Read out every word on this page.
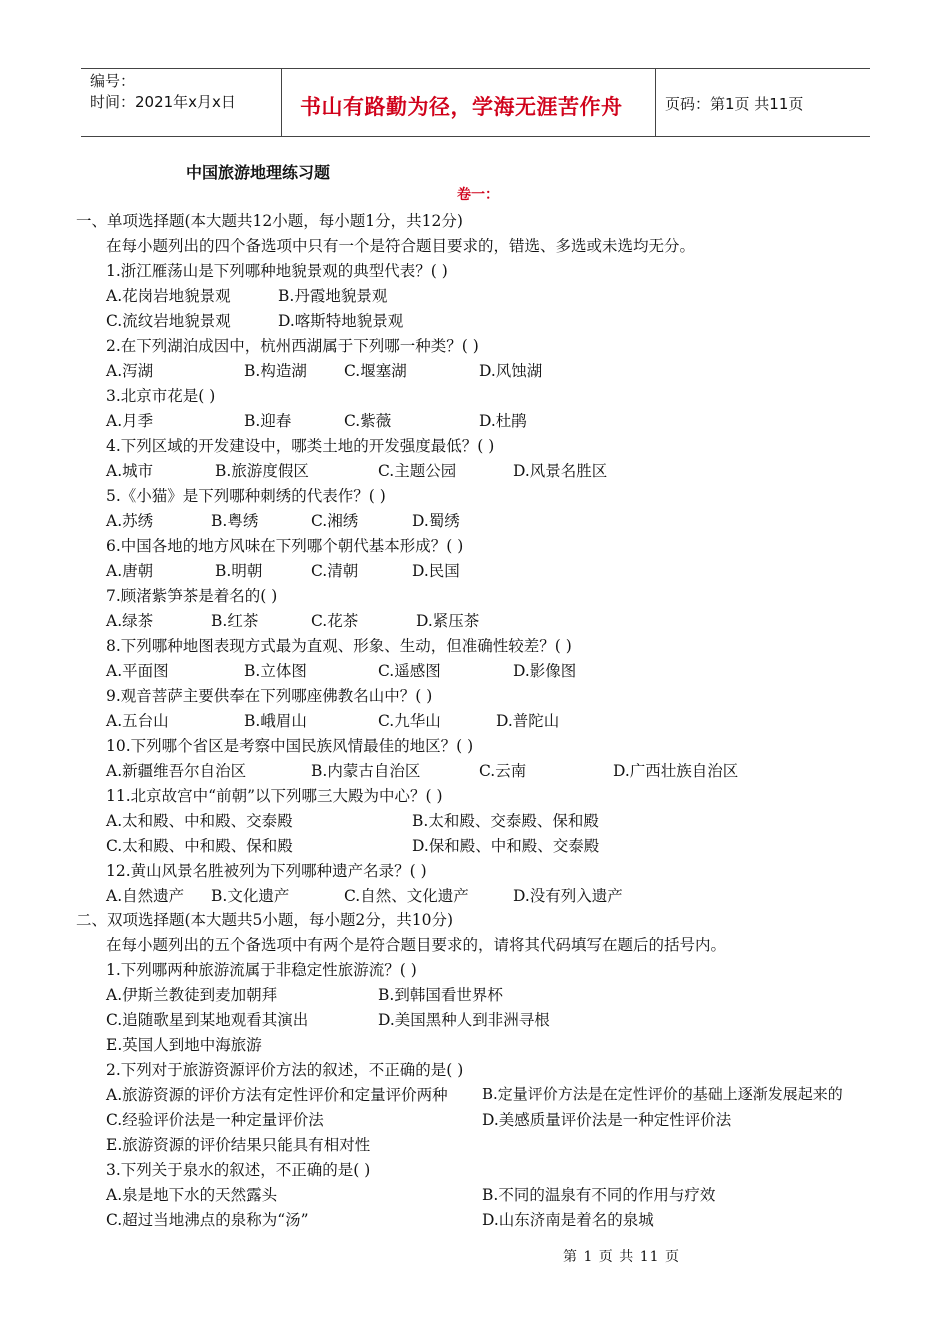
编号：
时间：2021年x月x日	书山有路勤为径，学海无涯苦作舟	页码：第1页 共11页
中国旅游地理练习题
卷一：
一、单项选择题(本大题共12小题，每小题1分，共12分)
在每小题列出的四个备选项中只有一个是符合题目要求的，错选、多选或未选均无分。
1.浙江雁荡山是下列哪种地貌景观的典型代表？( )
A.花岗岩地貌景观	B.丹霞地貌景观
C.流纹岩地貌景观	D.喀斯特地貌景观
2.在下列湖泊成因中，杭州西湖属于下列哪一种类？( )
A.泻湖	B.构造湖 C.堰塞湖	D.风蚀湖
3.北京市花是( )
A.月季	B.迎春	C.紫薇	D.杜鹃
4.下列区域的开发建设中，哪类土地的开发强度最低？( )
A.城市	B.旅游度假区	C.主题公园	D.风景名胜区
5.《小猫》是下列哪种刺绣的代表作？( )
A.苏绣	B.粤绣	C.湘绣	D.蜀绣
6.中国各地的地方风味在下列哪个朝代基本形成？( )
A.唐朝	B.明朝	C.清朝	D.民国
7.顾渚紫笋茶是着名的( )
A.绿茶	B.红茶	C.花茶	D.紧压茶
8.下列哪种地图表现方式最为直观、形象、生动，但准确性较差？( )
A.平面图	B.立体图	C.遥感图	D.影像图
9.观音菩萨主要供奉在下列哪座佛教名山中？( )
A.五台山	B.峨眉山	C.九华山	D.普陀山
10.下列哪个省区是考察中国民族风情最佳的地区？( )
A.新疆维吾尔自治区	B.内蒙古自治区	C.云南	D.广西壮族自治区
11.北京故宫中“前朝”以下列哪三大殿为中心？( )
A.太和殿、中和殿、交泰殿	B.太和殿、交泰殿、保和殿
C.太和殿、中和殿、保和殿	D.保和殿、中和殿、交泰殿
12.黄山风景名胜被列为下列哪种遗产名录？( )
A.自然遗产 B.文化遗产	C.自然、文化遗产	D.没有列入遗产
二、双项选择题(本大题共5小题，每小题2分，共10分)
在每小题列出的五个备选项中有两个是符合题目要求的，请将其代码填写在题后的括号内。
1.下列哪两种旅游流属于非稳定性旅游流？( )
A.伊斯兰教徒到麦加朝拜	B.到韩国看世界杯
C.追随歌星到某地观看其演出	D.美国黑种人到非洲寻根
E.英国人到地中海旅游
2.下列对于旅游资源评价方法的叙述，不正确的是( )
A.旅游资源的评价方法有定性评价和定量评价两种 B.定量评价方法是在定性评价的基础上逐渐发展起来的
C.经验评价法是一种定量评价法	D.美感质量评价法是一种定性评价法
E.旅游资源的评价结果只能具有相对性
3.下列关于泉水的叙述，不正确的是( )
A.泉是地下水的天然露头	B.不同的温泉有不同的作用与疗效
C.超过当地沸点的泉称为“汤”	D.山东济南是着名的泉城
第 1 页 共 11 页
